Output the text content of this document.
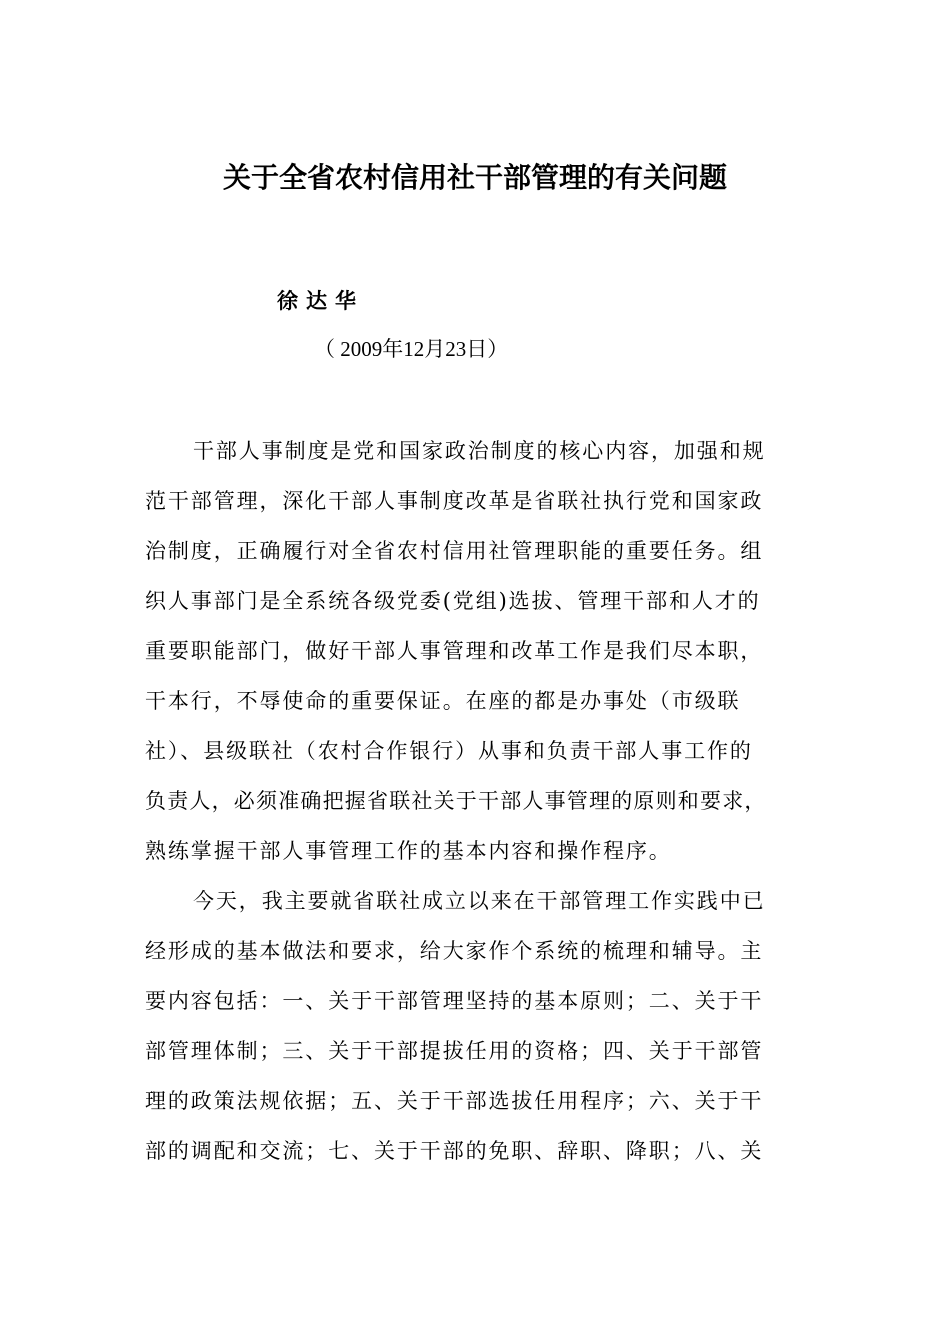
关于全省农村信用社干部管理的有关问题
徐达华
（ 2009年12月23日）
干部人事制度是党和国家政治制度的核心内容，加强和规
范干部管理，深化干部人事制度改革是省联社执行党和国家政
治制度，正确履行对全省农村信用社管理职能的重要任务。组
织人事部门是全系统各级党委(党组)选拔、管理干部和人才的
重要职能部门，做好干部人事管理和改革工作是我们尽本职，
干本行，不辱使命的重要保证。在座的都是办事处（市级联
社）、县级联社（农村合作银行）从事和负责干部人事工作的
负责人，必须准确把握省联社关于干部人事管理的原则和要求，
熟练掌握干部人事管理工作的基本内容和操作程序。
今天，我主要就省联社成立以来在干部管理工作实践中已
经形成的基本做法和要求，给大家作个系统的梳理和辅导。主
要内容包括：一、关于干部管理坚持的基本原则；二、关于干
部管理体制；三、关于干部提拔任用的资格；四、关于干部管
理的政策法规依据；五、关于干部选拔任用程序；六、关于干
部的调配和交流；七、关于干部的免职、辞职、降职；八、关
